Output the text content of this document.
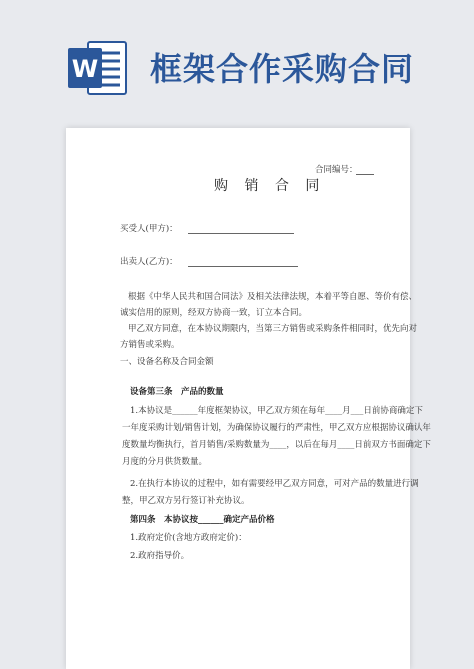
W 框架合作采购合同
合同编号：
购 销 合 同
买受人(甲方)：
出卖人(乙方)：
根据《中华人民共和国合同法》及相关法律法规，本着平等自愿、等价有偿、
诚实信用的原则，经双方协商一致，订立本合同。
甲乙双方同意，在本协议期限内，当第三方销售或采购条件相同时，优先向对
方销售或采购。
一、设备名称及合同金额
设备第三条　产品的数量
1.本协议是______年度框架协议，甲乙双方须在每年____月___日前协商确定下
一年度采购计划/销售计划，为确保协议履行的严肃性，甲乙双方应根据协议确认年
度数量均衡执行，首月销售/采购数量为____，以后在每月____日前双方书面确定下
月度的分月供货数量。
2.在执行本协议的过程中，如有需要经甲乙双方同意，可对产品的数量进行调
整，甲乙双方另行签订补充协议。
第四条　本协议按______确定产品价格
1.政府定价(含地方政府定价)：
2.政府指导价。
